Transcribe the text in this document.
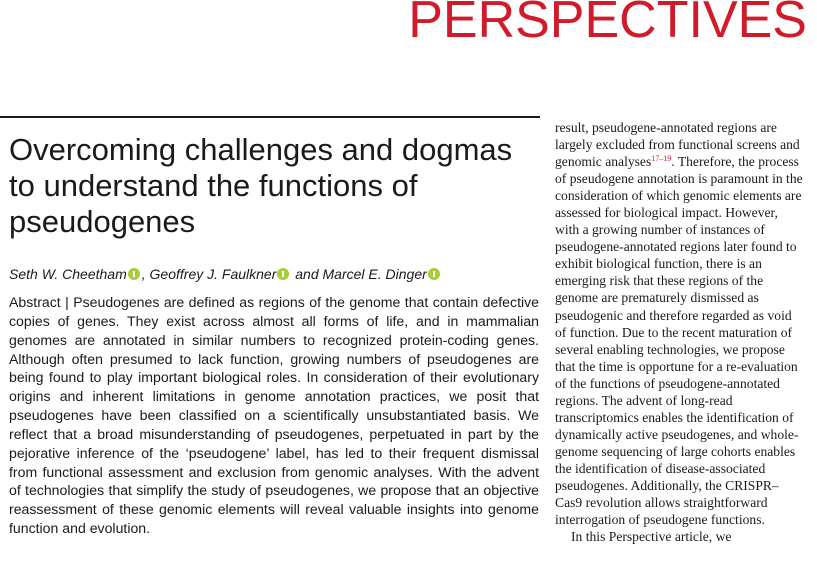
PERSPECTIVES
Overcoming challenges and dogmas to understand the functions of pseudogenes
Seth W. Cheetham , Geoffrey J. Faulkner and Marcel E. Dinger

Abstract | Pseudogenes are defined as regions of the genome that contain defective copies of genes. They exist across almost all forms of life, and in mammalian genomes are annotated in similar numbers to recognized protein-coding genes. Although often presumed to lack function, growing numbers of pseudogenes are being found to play important biological roles. In consideration of their evolutionary origins and inherent limitations in genome annotation practices, we posit that pseudogenes have been classified on a scientifically unsubstantiated basis. We reflect that a broad misunderstanding of pseudogenes, perpetuated in part by the pejorative inference of the ‘pseudogene’ label, has led to their frequent dismissal from functional assessment and exclusion from genomic analyses. With the advent of technologies that simplify the study of pseudogenes, we propose that an objective reassessment of these genomic elements will reveal valuable insights into genome function and evolution.

result, pseudogene-annotated regions are largely excluded from functional screens and genomic analyses$^{17-19}$. Therefore, the process of pseudogene annotation is paramount in the consideration of which genomic elements are assessed for biological impact. However, with a growing number of instances of pseudogene-annotated regions later found to exhibit biological function, there is an emerging risk that these regions of the genome are prematurely dismissed as pseudogenic and therefore regarded as void of function. Due to the recent maturation of several enabling technologies, we propose that the time is opportune for a re-evaluation of the functions of pseudogene-annotated regions. The advent of long-read transcriptomics enables the identification of dynamically active pseudogenes, and whole-genome sequencing of large cohorts enables the identification of disease-associated pseudogenes. Additionally, the CRISPR–Cas9 revolution allows straightforward interrogation of pseudogene functions.
In this Perspective article, we
